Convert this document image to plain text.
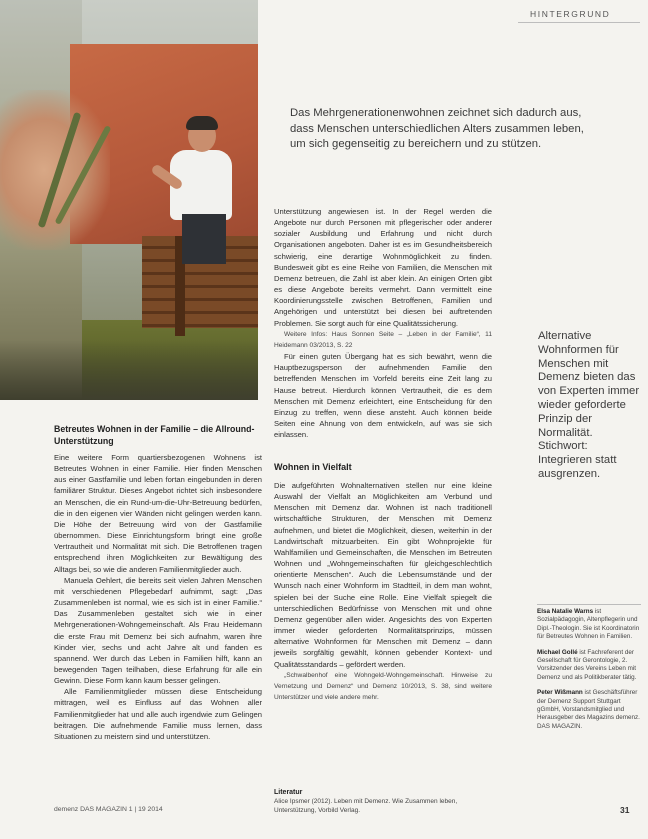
HINTERGRUND
Das Mehrgenerationenwohnen zeichnet sich dadurch aus, dass Menschen unterschiedlichen Alters zusammen leben, um sich gegenseitig zu bereichern und zu stützen.

Unterstützung angewiesen ist. In der Regel werden die Angebote nur durch Personen mit pflegerischer oder anderer sozialer Ausbildung und Erfahrung und nicht durch Organisationen angeboten. Daher ist es im Gesundheitsbereich schwierig, eine derartige Wohnmöglichkeit zu finden. Bundesweit gibt es eine Reihe von Familien, die Menschen mit Demenz betreuen, die Zahl ist aber klein. An einigen Orten gibt es diese Angebote bereits vermehrt. Dann vermittelt eine Koordinierungsstelle zwischen Betroffenen, Familien und Angehörigen und unterstützt bei diesen bei auftretenden Problemen. Sie sorgt auch für eine Qualitätssicherung.

Weitere Infos: Haus Sonnen Seite – „Leben in der Familie“, 11 Heidemann 03/2013, S. 22

Für einen guten Übergang hat es sich bewährt, wenn die Hauptbezugsperson der aufnehmenden Familie den betreffenden Menschen im Vorfeld bereits eine Zeit lang zu Hause betreut. Hierdurch können Vertrautheit, die es dem Menschen mit Demenz erleichtert, eine Entscheidung für den Einzug zu treffen, wenn diese ansteht. Auch können beide Seiten eine Ahnung von dem entwickeln, auf was sie sich einlassen.

Wohnen in Vielfalt

Die aufgeführten Wohnalternativen stellen nur eine kleine Auswahl der Vielfalt an Möglichkeiten am Verbund und Menschen mit Demenz dar. Wohnen ist nach traditionell wirtschaftliche Strukturen, der Menschen mit Demenz aufnehmen, und bietet die Möglichkeit, diesen, weiterhin in der Landwirtschaft mitzuarbeiten. Ein gibt Wohnprojekte für Wahlfamilien und Gemeinschaften, die Menschen im Betreuten Wohnen und „Wohngemeinschaften für gleichgeschlechtlich orientierte Menschen“. Auch die Lebensumstände und der Wunsch nach einer Wohnform im Stadtteil, in dem man wohnt, spielen bei der Suche eine Rolle. Eine Vielfalt spiegelt die unterschiedlichen Bedürfnisse von Menschen mit und ohne Demenz gegenüber allen wider. Angesichts des von Experten immer wieder geforderten Normalitätsprinzips, müssen alternative Wohnformen für Menschen mit Demenz – dann jeweils sorgfältig gewählt, können gebender Kontext- und Qualitätsstandards – gefördert werden.

„Schwalbenhof eine Wohngeld-Wohngemeinschaft. Hinweise zu Vernetzung und Demenz“ und Demenz 10/2013, S. 38, sind weitere Unterstützer und viele andere mehr.

Literatur
Alice Ipsmer (2012). Leben mit Demenz. Wie Zusammen leben, Unterstützung, Vorbild Verlag.
Betreutes Wohnen in der Familie – die Allround-Unterstützung

Eine weitere Form quartiersbezogenen Wohnens ist Betreutes Wohnen in einer Familie. Hier finden Menschen aus einer Gastfamilie und leben fortan eingebunden in deren familiärer Struktur. Dieses Angebot richtet sich insbesondere an Menschen, die ein Rund-um-die-Uhr-Betreuung bedürfen, die in den eigenen vier Wänden nicht gelingen werden kann. Die Höhe der Betreuung wird von der Gastfamilie übernommen. Diese Einrichtungsform bringt eine große Vertrautheit und Normalität mit sich. Die Betroffenen tragen entsprechend ihren Möglichkeiten zur Bewältigung des Alltags bei, so wie die anderen Familienmitglieder auch.

Manuela Oehlert, die bereits seit vielen Jahren Menschen mit verschiedenen Pflegebedarf aufnimmt, sagt: „Das Zusammenleben ist normal, wie es sich ist in einer Familie.“ Das Zusammenleben gestaltet sich wie in einer Mehrgenerationen-Wohngemeinschaft. Als Frau Heidemann die erste Frau mit Demenz bei sich aufnahm, waren ihre Kinder vier, sechs und acht Jahre alt und fanden es spannend. Wer durch das Leben in Familien hilft, kann an bewegenden Tagen teilhaben, diese Erfahrung für alle ein Gewinn. Diese Form kann kaum besser gelingen.

Alle Familienmitglieder müssen diese Entscheidung mittragen, weil es Einfluss auf das Wohnen aller Familienmitglieder hat und alle auch irgendwie zum Gelingen beitragen. Die aufnehmende Familie muss lernen, dass Situationen zu meistern sind und unterstützen.

Alternative Wohnformen für Menschen mit Demenz bieten das von Experten immer wieder geforderte Prinzip der Normalität. Stichwort: Integrieren statt ausgrenzen.

Elsa Natalie Warns ist Sozialpädagogin, Altenpflegerin und Dipl.-Theologin. Sie ist Koordinatorin für Betreutes Wohnen in Familien.

Michael Gollé ist Fachreferent der Gesellschaft für Gerontologie, 2. Vorsitzender des Vereins Leben mit Demenz und als Politikberater tätig.

Peter Wißmann ist Geschäftsführer der Demenz Support Stuttgart gGmbH, Vorstandsmitglied und Herausgeber des Magazins demenz. DAS MAGAZIN.

demenz DAS MAGAZIN 1 | 19 2014	31
